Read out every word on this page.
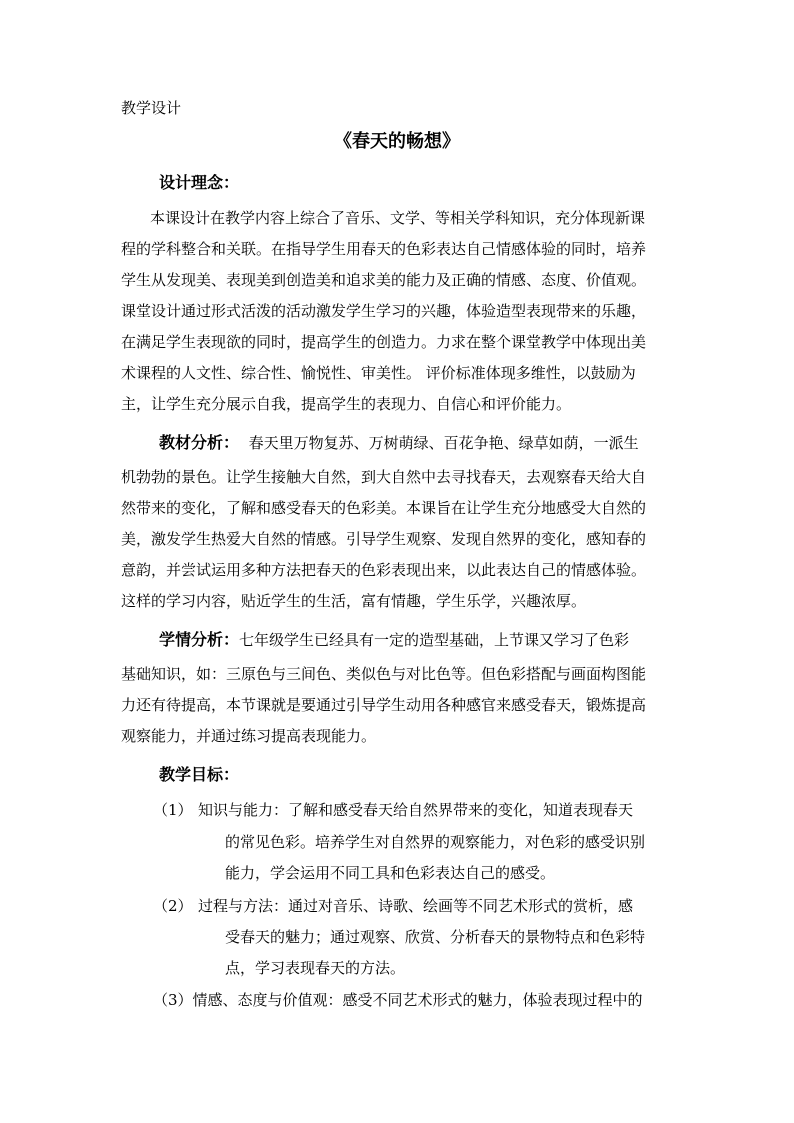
教学设计
《春天的畅想》
设计理念：
本课设计在教学内容上综合了音乐、文学、等相关学科知识，充分体现新课
程的学科整合和关联。在指导学生用春天的色彩表达自己情感体验的同时，培养
学生从发现美、表现美到创造美和追求美的能力及正确的情感、态度、价值观。
课堂设计通过形式活泼的活动激发学生学习的兴趣，体验造型表现带来的乐趣，
在满足学生表现欲的同时，提高学生的创造力。力求在整个课堂教学中体现出美
术课程的人文性、综合性、愉悦性、审美性。 评价标准体现多维性，以鼓励为
主，让学生充分展示自我，提高学生的表现力、自信心和评价能力。
教材分析： 春天里万物复苏、万树萌绿、百花争艳、绿草如荫，一派生
机勃勃的景色。让学生接触大自然，到大自然中去寻找春天，去观察春天给大自
然带来的变化，了解和感受春天的色彩美。本课旨在让学生充分地感受大自然的
美，激发学生热爱大自然的情感。引导学生观察、发现自然界的变化，感知春的
意韵，并尝试运用多种方法把春天的色彩表现出来，以此表达自己的情感体验。
这样的学习内容，贴近学生的生活，富有情趣，学生乐学，兴趣浓厚。
学情分析：七年级学生已经具有一定的造型基础，上节课又学习了色彩
基础知识，如：三原色与三间色、类似色与对比色等。但色彩搭配与画面构图能
力还有待提高，本节课就是要通过引导学生动用各种感官来感受春天，锻炼提高
观察能力，并通过练习提高表现能力。
教学目标：
（1） 知识与能力：了解和感受春天给自然界带来的变化，知道表现春天
的常见色彩。培养学生对自然界的观察能力，对色彩的感受识别
能力，学会运用不同工具和色彩表达自己的感受。
（2） 过程与方法：通过对音乐、诗歌、绘画等不同艺术形式的赏析，感
受春天的魅力；通过观察、欣赏、分析春天的景物特点和色彩特
点，学习表现春天的方法。
（3）情感、态度与价值观：感受不同艺术形式的魅力，体验表现过程中的
